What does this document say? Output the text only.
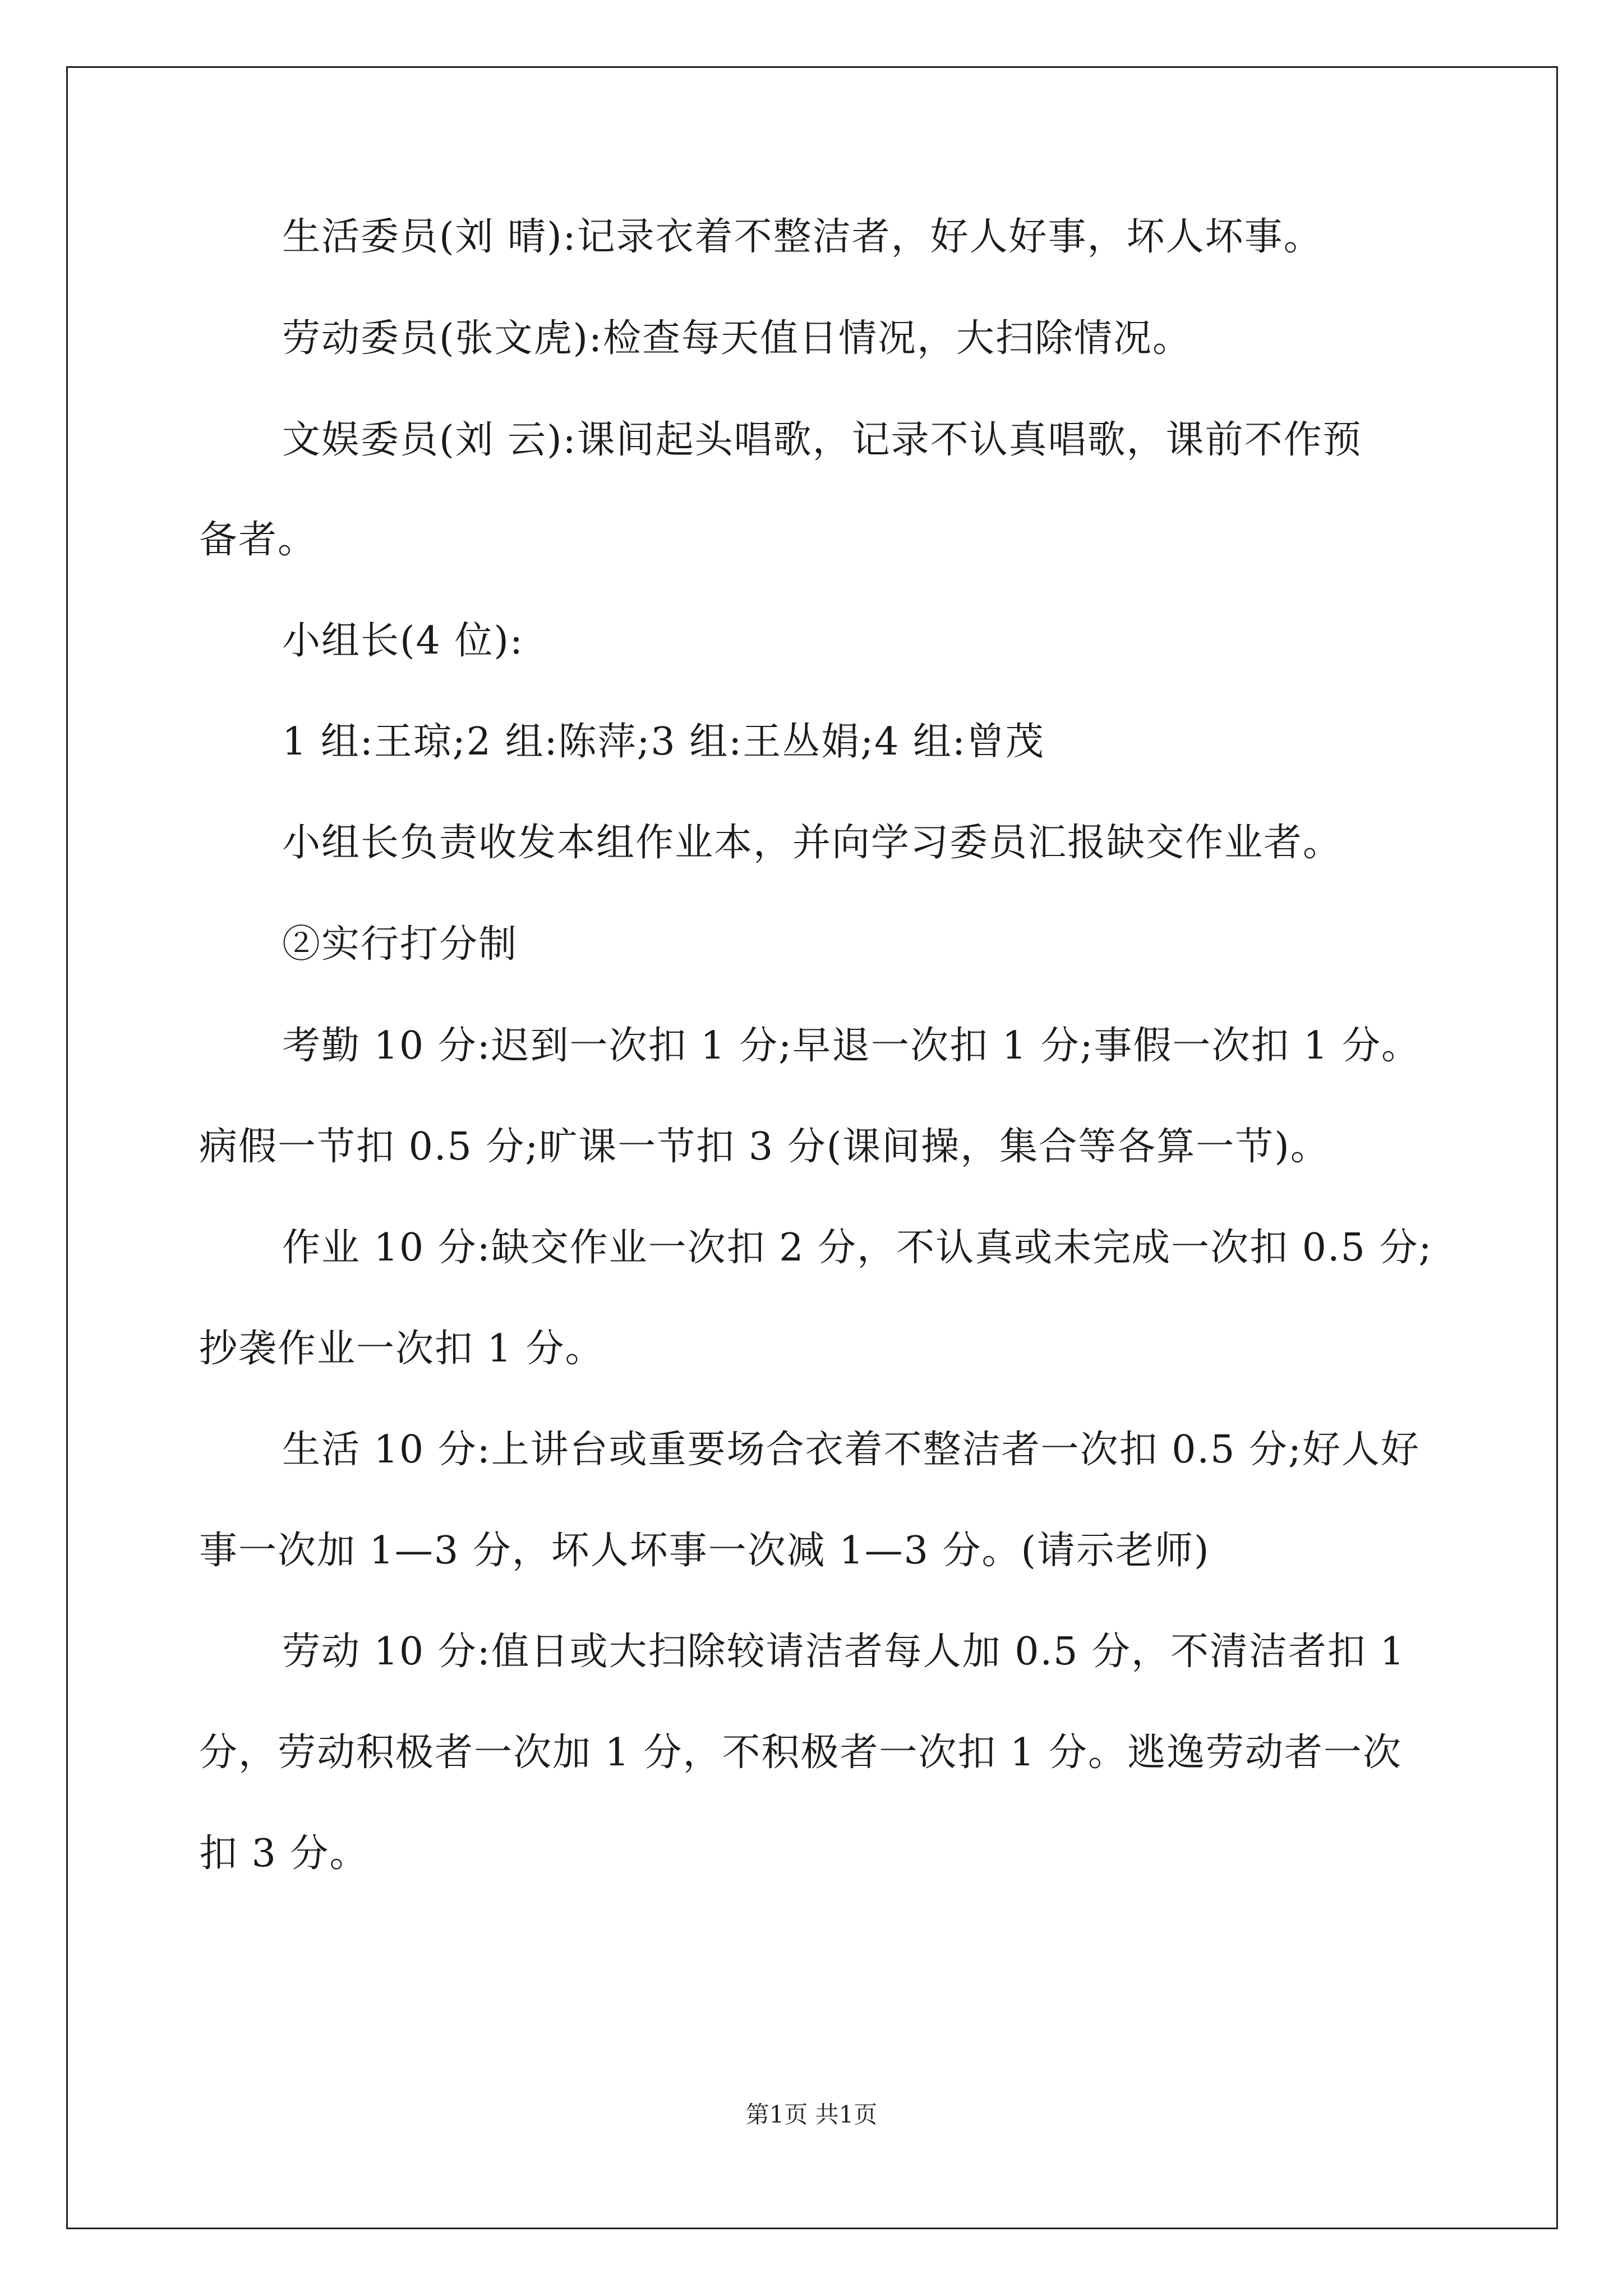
生活委员(刘 晴):记录衣着不整洁者，好人好事，坏人坏事。
劳动委员(张文虎):检查每天值日情况，大扫除情况。
文娱委员(刘 云):课间起头唱歌，记录不认真唱歌，课前不作预
备者。
小组长(4 位):
1 组:王琼;2 组:陈萍;3 组:王丛娟;4 组:曾茂
小组长负责收发本组作业本，并向学习委员汇报缺交作业者。
②实行打分制
考勤 10 分:迟到一次扣 1 分;早退一次扣 1 分;事假一次扣 1 分。
病假一节扣 0.5 分;旷课一节扣 3 分(课间操，集合等各算一节)。
作业 10 分:缺交作业一次扣 2 分，不认真或未完成一次扣 0.5 分;
抄袭作业一次扣 1 分。
生活 10 分:上讲台或重要场合衣着不整洁者一次扣 0.5 分;好人好
事一次加 1—3 分，坏人坏事一次减 1—3 分。(请示老师)
劳动 10 分:值日或大扫除较请洁者每人加 0.5 分，不清洁者扣 1
分，劳动积极者一次加 1 分，不积极者一次扣 1 分。逃逸劳动者一次
扣 3 分。
第1页 共1页
